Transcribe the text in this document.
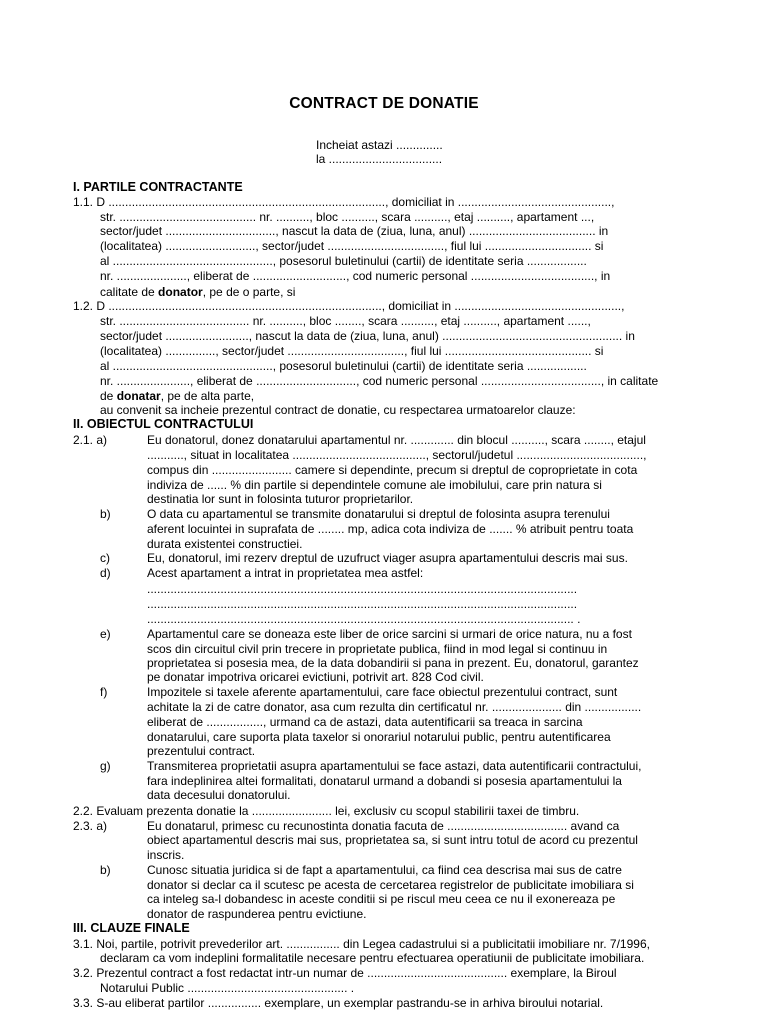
CONTRACT DE DONATIE
Incheiat astazi ..............
la ..................................
I. PARTILE CONTRACTANTE
1.1. D ..................................................................................., domiciliat in ..............................................,
str. ......................................... nr. .........., bloc .........., scara .........., etaj .........., apartament ...,
sector/judet ................................., nascut la data de (ziua, luna, anul) ...................................... in
(localitatea) ..........................., sector/judet ..................................., fiul lui ................................ si
al ................................................, posesorul buletinului (cartii) de identitate seria ..................
nr. ....................., eliberat de ............................, cod numeric personal ....................................., in
calitate de donator, pe de o parte, si
1.2. D .................................................................................., domiciliat in ..................................................,
str. ....................................... nr. .........., bloc ........, scara .........., etaj .........., apartament ......,
sector/judet ........................., nascut la data de (ziua, luna, anul) ...................................................... in
(localitatea) ..............., sector/judet ..................................., fiul lui ............................................ si
al ................................................, posesorul buletinului (cartii) de identitate seria ..................
nr. ......................, eliberat de .............................., cod numeric personal ...................................., in calitate
de donatar, pe de alta parte,
au convenit sa incheie prezentul contract de donatie, cu respectarea urmatoarelor clauze:
II. OBIECTUL CONTRACTULUI
2.1. a)	Eu donatorul, donez donatarului apartamentul nr. ............. din blocul .........., scara ........, etajul
..........., situat in localitatea ........................................, sectorul/judetul ......................................,
compus din ........................ camere si dependinte, precum si dreptul de coproprietate in cota
indiviza de ...... % din partile si dependintele comune ale imobilului, care prin natura si
destinatia lor sunt in folosinta tuturor proprietarilor.
b)	O data cu apartamentul se transmite donatarului si dreptul de folosinta asupra terenului
aferent locuintei in suprafata de ........ mp, adica cota indiviza de ....... % atribuit pentru toata
durata existentei constructiei.
c)	Eu, donatorul, imi rezerv dreptul de uzufruct viager asupra apartamentului descris mai sus.
d)	Acest apartament a intrat in proprietatea mea astfel:
.................................................................................................................................
.................................................................................................................................
................................................................................................................................ .
e)	Apartamentul care se doneaza este liber de orice sarcini si urmari de orice natura, nu a fost
scos din circuitul civil prin trecere in proprietate publica, fiind in mod legal si continuu in
proprietatea si posesia mea, de la data dobandirii si pana in prezent. Eu, donatorul, garantez
pe donatar impotriva oricarei evictiuni, potrivit art. 828 Cod civil.
f)	Impozitele si taxele aferente apartamentului, care face obiectul prezentului contract, sunt
achitate la zi de catre donator, asa cum rezulta din certificatul nr. ..................... din .................
eliberat de ................., urmand ca de astazi, data autentificarii sa treaca in sarcina
donatarului, care suporta plata taxelor si onorariul notarului public, pentru autentificarea
prezentului contract.
g)	Transmiterea proprietatii asupra apartamentului se face astazi, data autentificarii contractului,
fara indeplinirea altei formalitati, donatarul urmand a dobandi si posesia apartamentului la
data decesului donatorului.
2.2. Evaluam prezenta donatie la ........................ lei, exclusiv cu scopul stabilirii taxei de timbru.
2.3. a)	Eu donatarul, primesc cu recunostinta donatia facuta de .................................... avand ca
obiect apartamentul descris mai sus, proprietatea sa, si sunt intru totul de acord cu prezentul
inscris.
b)	Cunosc situatia juridica si de fapt a apartamentului, ca fiind cea descrisa mai sus de catre
donator si declar ca il scutesc pe acesta de cercetarea registrelor de publicitate imobiliara si
ca inteleg sa-l dobandesc in aceste conditii si pe riscul meu ceea ce nu il exonereaza pe
donator de raspunderea pentru evictiune.
III. CLAUZE FINALE
3.1. Noi, partile, potrivit prevederilor art. ................ din Legea cadastrului si a publicitatii imobiliare nr. 7/1996,
declaram ca vom indeplini formalitatile necesare pentru efectuarea operatiunii de publicitate imobiliara.
3.2. Prezentul contract a fost redactat intr-un numar de .......................................... exemplare, la Biroul
Notarului Public ................................................ .
3.3. S-au eliberat partilor ................ exemplare, un exemplar pastrandu-se in arhiva biroului notarial.
